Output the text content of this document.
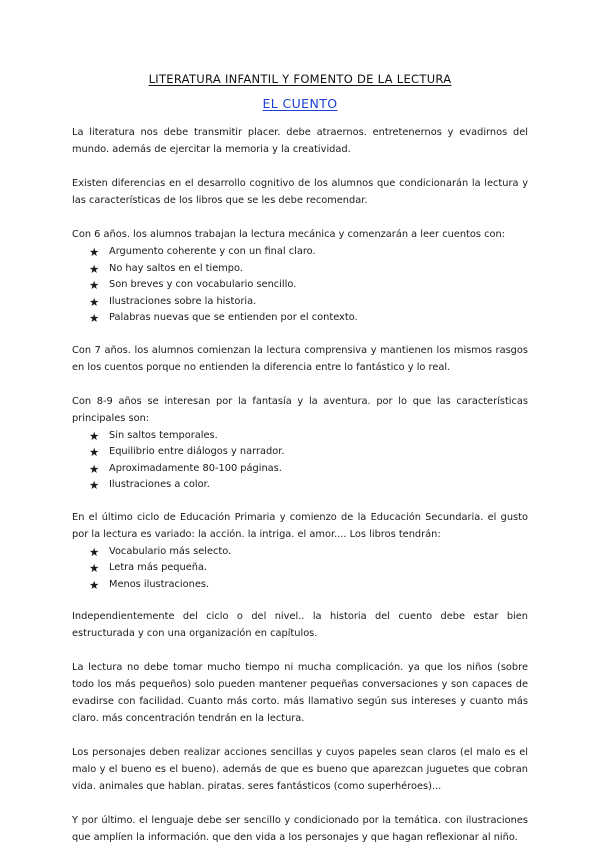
LITERATURA INFANTIL Y FOMENTO DE LA LECTURA
EL CUENTO

La literatura nos debe transmitir placer. debe atraernos. entretenernos y evadirnos del mundo. además de ejercitar la memoria y la creatividad.

Existen diferencias en el desarrollo cognitivo de los alumnos que condicionarán la lectura y las características de los libros que se les debe recomendar.

Con 6 años. los alumnos trabajan la lectura mecánica y comenzarán a leer cuentos con:

★ Argumento coherente y con un final claro.
★ No hay saltos en el tiempo.
★ Son breves y con vocabulario sencillo.
★ Ilustraciones sobre la historia.
★ Palabras nuevas que se entienden por el contexto.

Con 7 años. los alumnos comienzan la lectura comprensiva y mantienen los mismos rasgos en los cuentos porque no entienden la diferencia entre lo fantástico y lo real.

Con 8-9 años se interesan por la fantasía y la aventura. por lo que las características principales son:

★ Sin saltos temporales.
★ Equilibrio entre diálogos y narrador.
★ Aproximadamente 80-100 páginas.
★ Ilustraciones a color.

En el último ciclo de Educación Primaria y comienzo de la Educación Secundaria. el gusto por la lectura es variado: la acción. la intriga. el amor.... Los libros tendrán:

★ Vocabulario más selecto.
★ Letra más pequeña.
★ Menos ilustraciones.

Independientemente del ciclo o del nivel.. la historia del cuento debe estar bien estructurada y con una organización en capítulos.

La lectura no debe tomar mucho tiempo ni mucha complicación. ya que los niños (sobre todo los más pequeños) solo pueden mantener pequeñas conversaciones y son capaces de evadirse con facilidad. Cuanto más corto. más llamativo según sus intereses y cuanto más claro. más concentración tendrán en la lectura.

Los personajes deben realizar acciones sencillas y cuyos papeles sean claros (el malo es el malo y el bueno es el bueno). además de que es bueno que aparezcan juguetes que cobran vida. animales que hablan. piratas. seres fantásticos (como superhéroes)...

Y por último. el lenguaje debe ser sencillo y condicionado por la temática. con ilustraciones que amplíen la información. que den vida a los personajes y que hagan reflexionar al niño.
